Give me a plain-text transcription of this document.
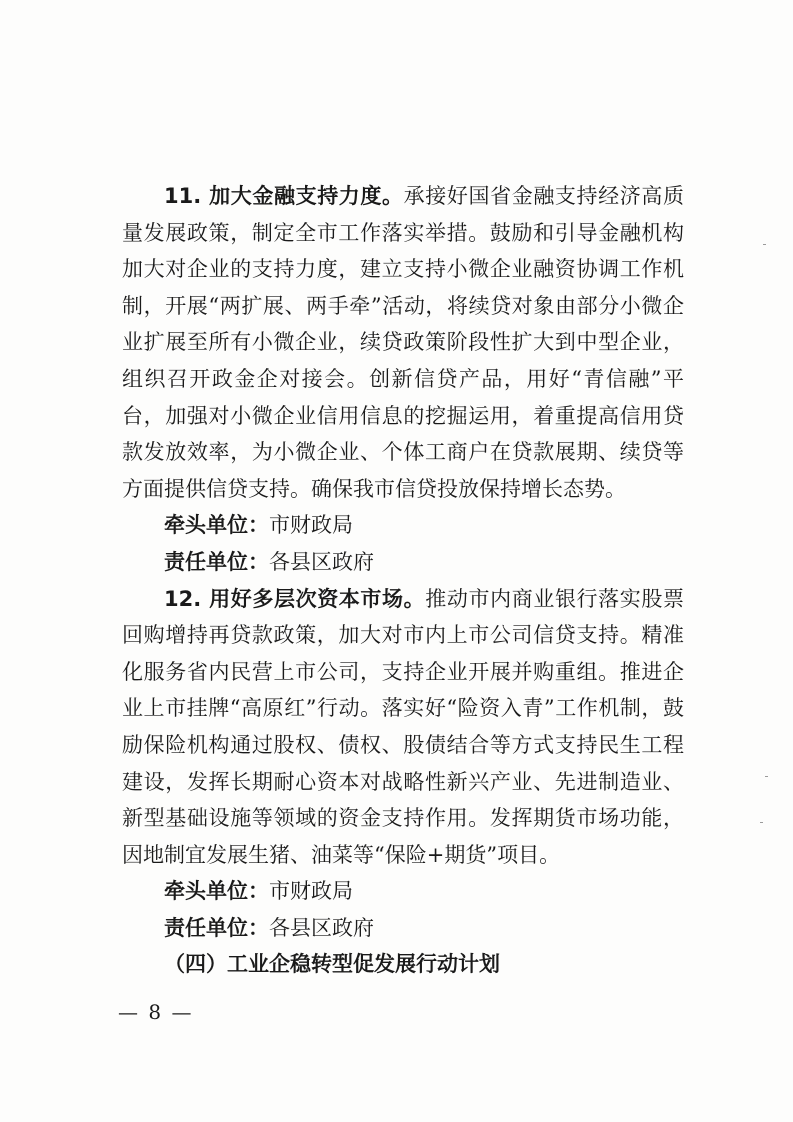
11. 加大金融支持力度。承接好国省金融支持经济高质量发展政策，制定全市工作落实举措。鼓励和引导金融机构加大对企业的支持力度，建立支持小微企业融资协调工作机制，开展“两扩展、两手牵”活动，将续贷对象由部分小微企业扩展至所有小微企业，续贷政策阶段性扩大到中型企业，组织召开政金企对接会。创新信贷产品，用好“青信融”平台，加强对小微企业信用信息的挖掘运用，着重提高信用贷款发放效率，为小微企业、个体工商户在贷款展期、续贷等方面提供信贷支持。确保我市信贷投放保持增长态势。

牵头单位：市财政局

责任单位：各县区政府

12. 用好多层次资本市场。推动市内商业银行落实股票回购增持再贷款政策，加大对市内上市公司信贷支持。精准化服务省内民营上市公司，支持企业开展并购重组。推进企业上市挂牌“高原红”行动。落实好“险资入青”工作机制，鼓励保险机构通过股权、债权、股债结合等方式支持民生工程建设，发挥长期耐心资本对战略性新兴产业、先进制造业、新型基础设施等领域的资金支持作用。发挥期货市场功能，因地制宜发展生猪、油菜等“保险+期货”项目。

牵头单位：市财政局

责任单位：各县区政府

（四）工业企稳转型促发展行动计划

— 8 —
